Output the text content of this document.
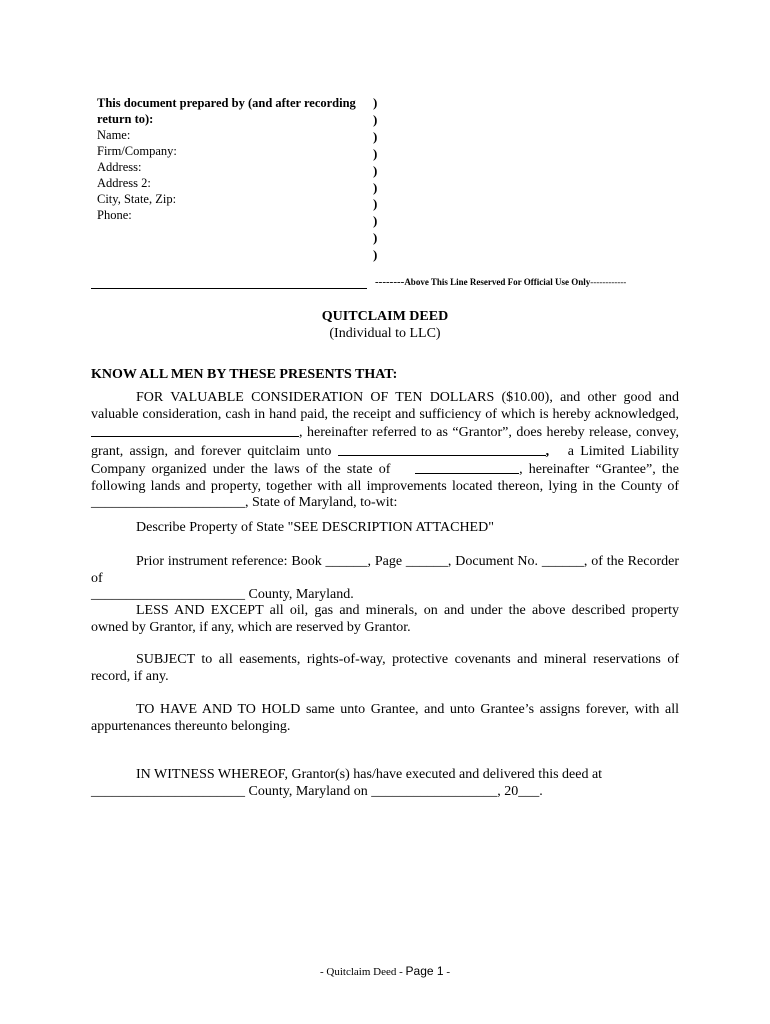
This document prepared by (and after recording return to):
Name:
Firm/Company:
Address:
Address 2:
City, State, Zip:
Phone:
)
)
)
)
)
)
)
)
)
)
--------Above This Line Reserved For Official Use Only------------
QUITCLAIM DEED
(Individual to LLC)
KNOW ALL MEN BY THESE PRESENTS THAT:
FOR VALUABLE CONSIDERATION OF TEN DOLLARS ($10.00), and other good and valuable consideration, cash in hand paid, the receipt and sufficiency of which is hereby acknowledged, , hereinafter referred to as “Grantor”, does hereby release, convey, grant, assign, and forever quitclaim unto	,   a Limited Liability Company organized under the laws of the state of	, hereinafter “Grantee”, the following lands and property, together with all improvements located thereon, lying in the County of ______________________, State of Maryland, to-wit:
Describe Property of State "SEE DESCRIPTION ATTACHED"
Prior instrument reference: Book ______, Page ______, Document No. ______, of the Recorder of
______________________ County, Maryland.
LESS AND EXCEPT all oil, gas and minerals, on and under the above described property owned by Grantor, if any, which are reserved by Grantor.
SUBJECT to all easements, rights-of-way, protective covenants and mineral reservations of record, if any.
TO HAVE AND TO HOLD same unto Grantee, and unto Grantee’s assigns forever, with all appurtenances thereunto belonging.
IN WITNESS WHEREOF, Grantor(s) has/have executed and delivered this deed at
______________________ County, Maryland on __________________, 20___.
- Quitclaim Deed - Page 1 -
